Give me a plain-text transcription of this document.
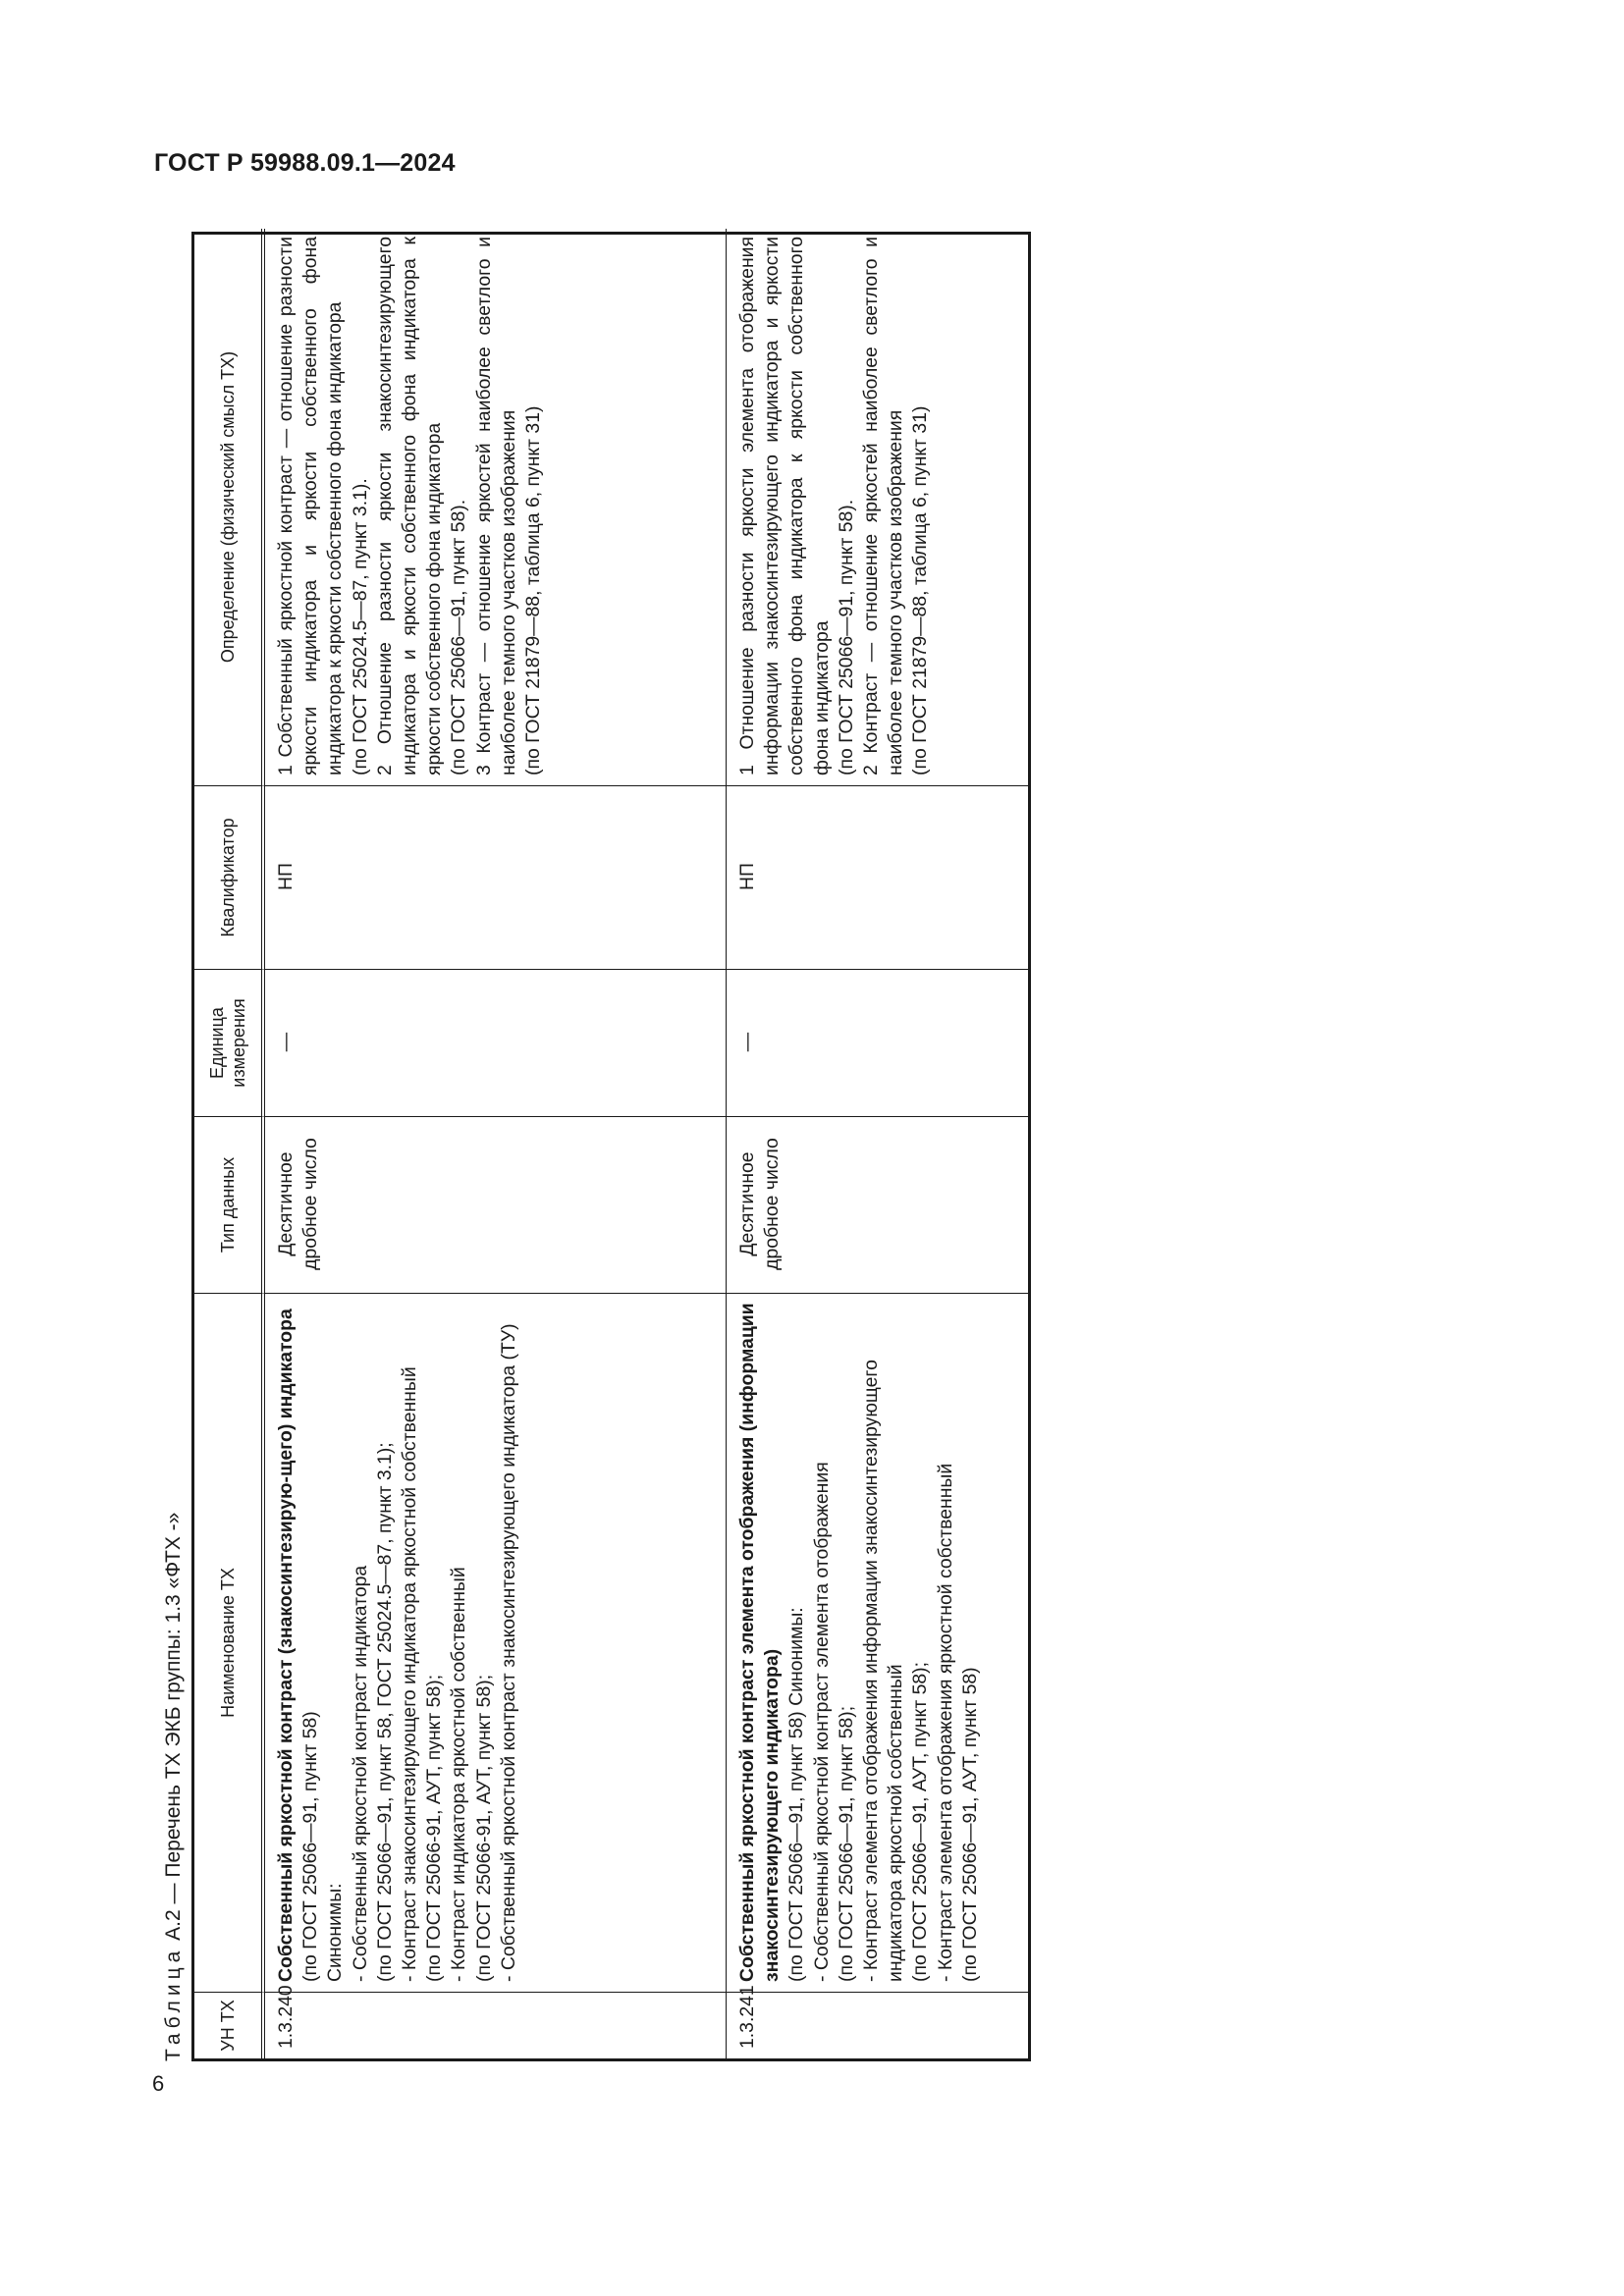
ГОСТ Р 59988.09.1—2024
Таблица А.2 — Перечень ТХ ЭКБ группы: 1.3 «ФТХ -»
УН ТХ
Наименование ТХ
Тип данных
Единица измерения
Квалификатор
Определение (физический смысл ТХ)
1.3.240
Собственный яркостной контраст (знакосинтезирую-щего) индикатора (по ГОСТ 25066—91, пункт 58)
Синонимы:
- Собственный яркостной контраст индикатора
(по ГОСТ 25066—91, пункт 58, ГОСТ 25024.5—87, пункт 3.1);
- Контраст знакосинтезирующего индикатора яркостной собственный
(по ГОСТ 25066-91, АУТ, пункт 58);
- Контраст индикатора яркостной собственный
(по ГОСТ 25066-91, АУТ, пункт 58);
- Собственный яркостной контраст знакосинтезирующего индикатора (ТУ)
Десятичное дробное число
—
НП
1 Собственный яркостной контраст — отношение разности яркости индикатора и яркости собственного фона индикатора к яркости собственного фона индикатора
(по ГОСТ 25024.5—87, пункт 3.1).
2 Отношение разности яркости знакосинтезирующего индикатора и яркости собственного фона индикатора к яркости собственного фона индикатора
(по ГОСТ 25066—91, пункт 58).
3 Контраст — отношение яркостей наиболее светлого и наиболее темного участков изображения
(по ГОСТ 21879—88, таблица 6, пункт 31)
1.3.241
Собственный яркостной контраст элемента отображения (информации знакосинтезирующего индикатора) (по ГОСТ 25066—91, пункт 58) Синонимы:
- Собственный яркостной контраст элемента отображения
(по ГОСТ 25066—91, пункт 58);
- Контраст элемента отображения информации знакосинтезирующего индикатора яркостной собственный
(по ГОСТ 25066—91, АУТ, пункт 58);
- Контраст элемента отображения яркостной собственный
(по ГОСТ 25066—91, АУТ, пункт 58)
Десятичное дробное число
—
НП
1 Отношение разности яркости элемента отображения информации знакосинтезирующего индикатора и яркости собственного фона индикатора к яркости собственного фона индикатора
(по ГОСТ 25066—91, пункт 58).
2 Контраст — отношение яркостей наиболее светлого и наиболее темного участков изображения
(по ГОСТ 21879—88, таблица 6, пункт 31)
6
